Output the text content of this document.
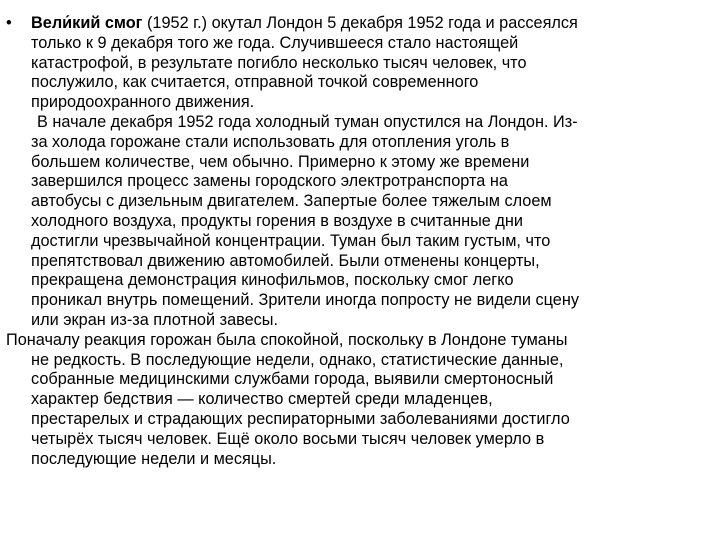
• Вели́кий смог (1952 г.) окутал Лондон 5 декабря 1952 года и рассеялся
только к 9 декабря того же года. Случившееся стало настоящей
катастрофой, в результате погибло несколько тысяч человек, что
послужило, как считается, отправной точкой современного
природоохранного движения.
В начале декабря 1952 года холодный туман опустился на Лондон. Из-
за холода горожане стали использовать для отопления уголь в
большем количестве, чем обычно. Примерно к этому же времени
завершился процесс замены городского электротранспорта на
автобусы с дизельным двигателем. Запертые более тяжелым слоем
холодного воздуха, продукты горения в воздухе в считанные дни
достигли чрезвычайной концентрации. Туман был таким густым, что
препятствовал движению автомобилей. Были отменены концерты,
прекращена демонстрация кинофильмов, поскольку смог легко
проникал внутрь помещений. Зрители иногда попросту не видели сцену
или экран из-за плотной завесы.
Поначалу реакция горожан была спокойной, поскольку в Лондоне туманы
не редкость. В последующие недели, однако, статистические данные,
собранные медицинскими службами города, выявили смертоносный
характер бедствия — количество смертей среди младенцев,
престарелых и страдающих респираторными заболеваниями достигло
четырёх тысяч человек. Ещё около восьми тысяч человек умерло в
последующие недели и месяцы.
